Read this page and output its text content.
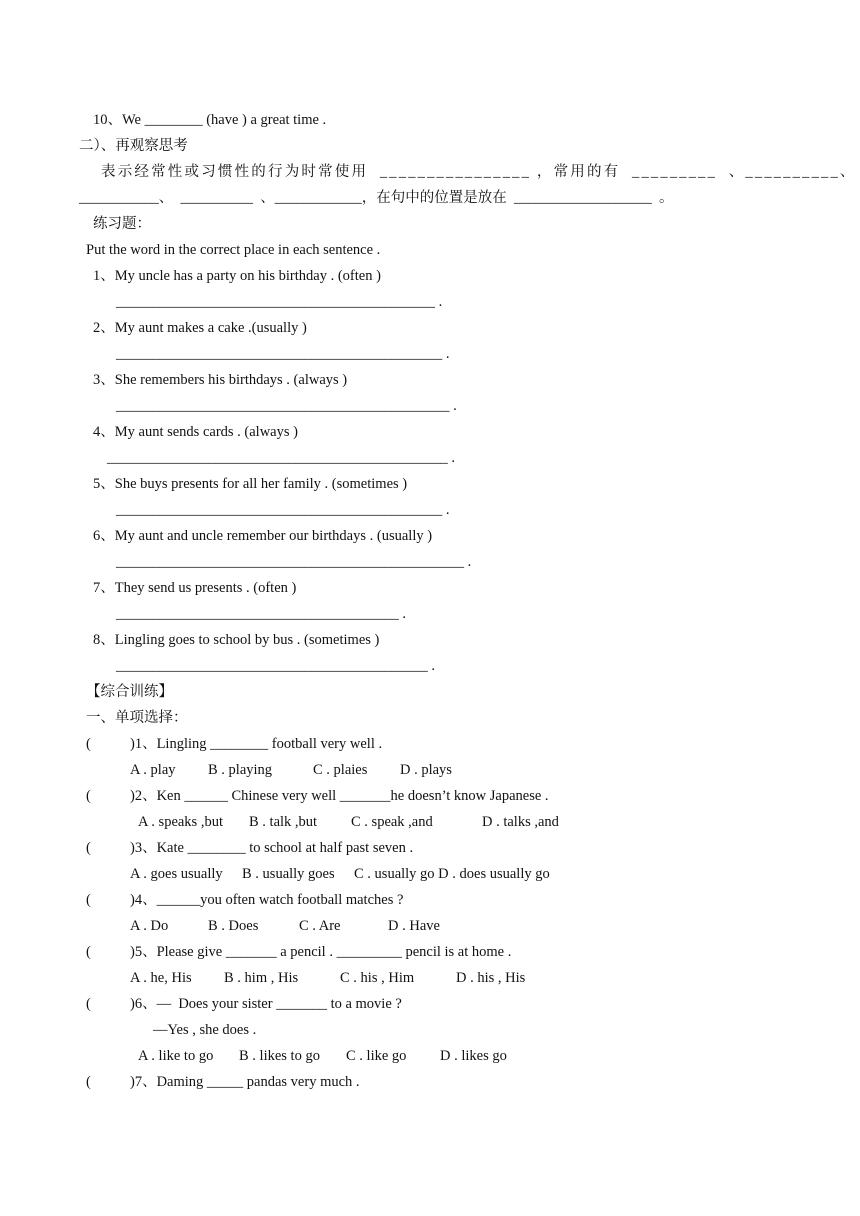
10、We ________ (have ) a great time .
二）、再观察思考
表示经常性或习惯性的行为时常使用  ________________ ，常用的有  _________  、__________、
___________、  __________  、____________，在句中的位置是放在  ___________________  。
练习题：
Put the word in the correct place in each sentence .
1、My uncle has a party on his birthday . (often )
____________________________________________ .
2、My aunt makes a cake .(usually )
_____________________________________________ .
3、She remembers his birthdays . (always )
______________________________________________ .
4、My aunt sends cards . (always )
_______________________________________________ .
5、She buys presents for all her family . (sometimes )
_____________________________________________ .
6、My aunt and uncle remember our birthdays . (usually )
________________________________________________ .
7、They send us presents . (often )
_______________________________________ .
8、Lingling goes to school by bus . (sometimes )
___________________________________________ .
【综合训练】
一、单项选择：
(	)1、Lingling ________ football very well .
A . play B . playing	C . plaies D . plays
(	)2、Ken ______ Chinese very well _______he doesn’t know Japanese .
A . speaks ,but B . talk ,but C . speak ,and	D . talks ,and
(	)3、Kate ________ to school at half past seven .
A . goes usually B . usually goes C . usually go D . does usually go
(	)4、______you often watch football matches ?
A . Do	B . Does	C . Are	D . Have
(	)5、Please give _______ a pencil . _________ pencil is at home .
A . he, His B . him , His	C . his , Him	D . his , His
(	)6、—  Does your sister _______ to a movie ?
—Yes , she does .
A . like to go B . likes to go C . like go D . likes go
(	)7、Daming _____ pandas very much .
